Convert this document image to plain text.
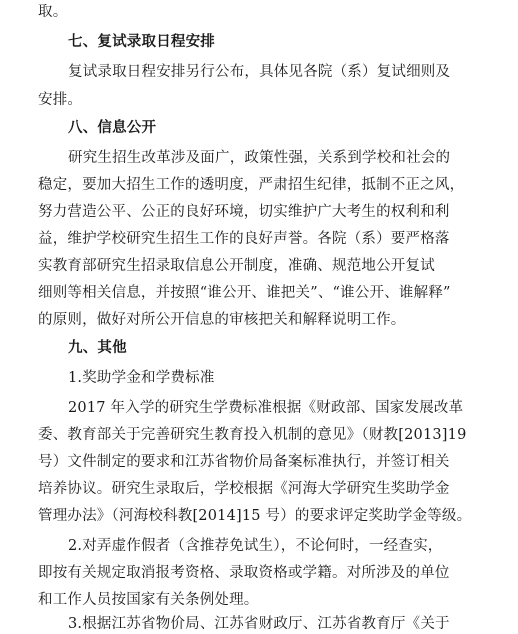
取。
七、复试录取日程安排
复试录取日程安排另行公布，具体见各院（系）复试细则及
安排。
八、信息公开
研究生招生改革涉及面广，政策性强，关系到学校和社会的
稳定，要加大招生工作的透明度，严肃招生纪律，抵制不正之风，
努力营造公平、公正的良好环境，切实维护广大考生的权利和利
益，维护学校研究生招生工作的良好声誉。各院（系）要严格落
实教育部研究生招录取信息公开制度，准确、规范地公开复试
细则等相关信息，并按照“谁公开、谁把关”、“谁公开、谁解释”
的原则，做好对所公开信息的审核把关和解释说明工作。
九、其他
1.奖助学金和学费标准
2017 年入学的研究生学费标准根据《财政部、国家发展改革
委、教育部关于完善研究生教育投入机制的意见》（财教[2013]19
号）文件制定的要求和江苏省物价局备案标准执行，并签订相关
培养协议。研究生录取后，学校根据《河海大学研究生奖助学金
管理办法》（河海校科教[2014]15 号）的要求评定奖助学金等级。
2.对弄虚作假者（含推荐免试生），不论何时，一经查实，
即按有关规定取消报考资格、录取资格或学籍。对所涉及的单位
和工作人员按国家有关条例处理。
3.根据江苏省物价局、江苏省财政厅、江苏省教育厅《关于
